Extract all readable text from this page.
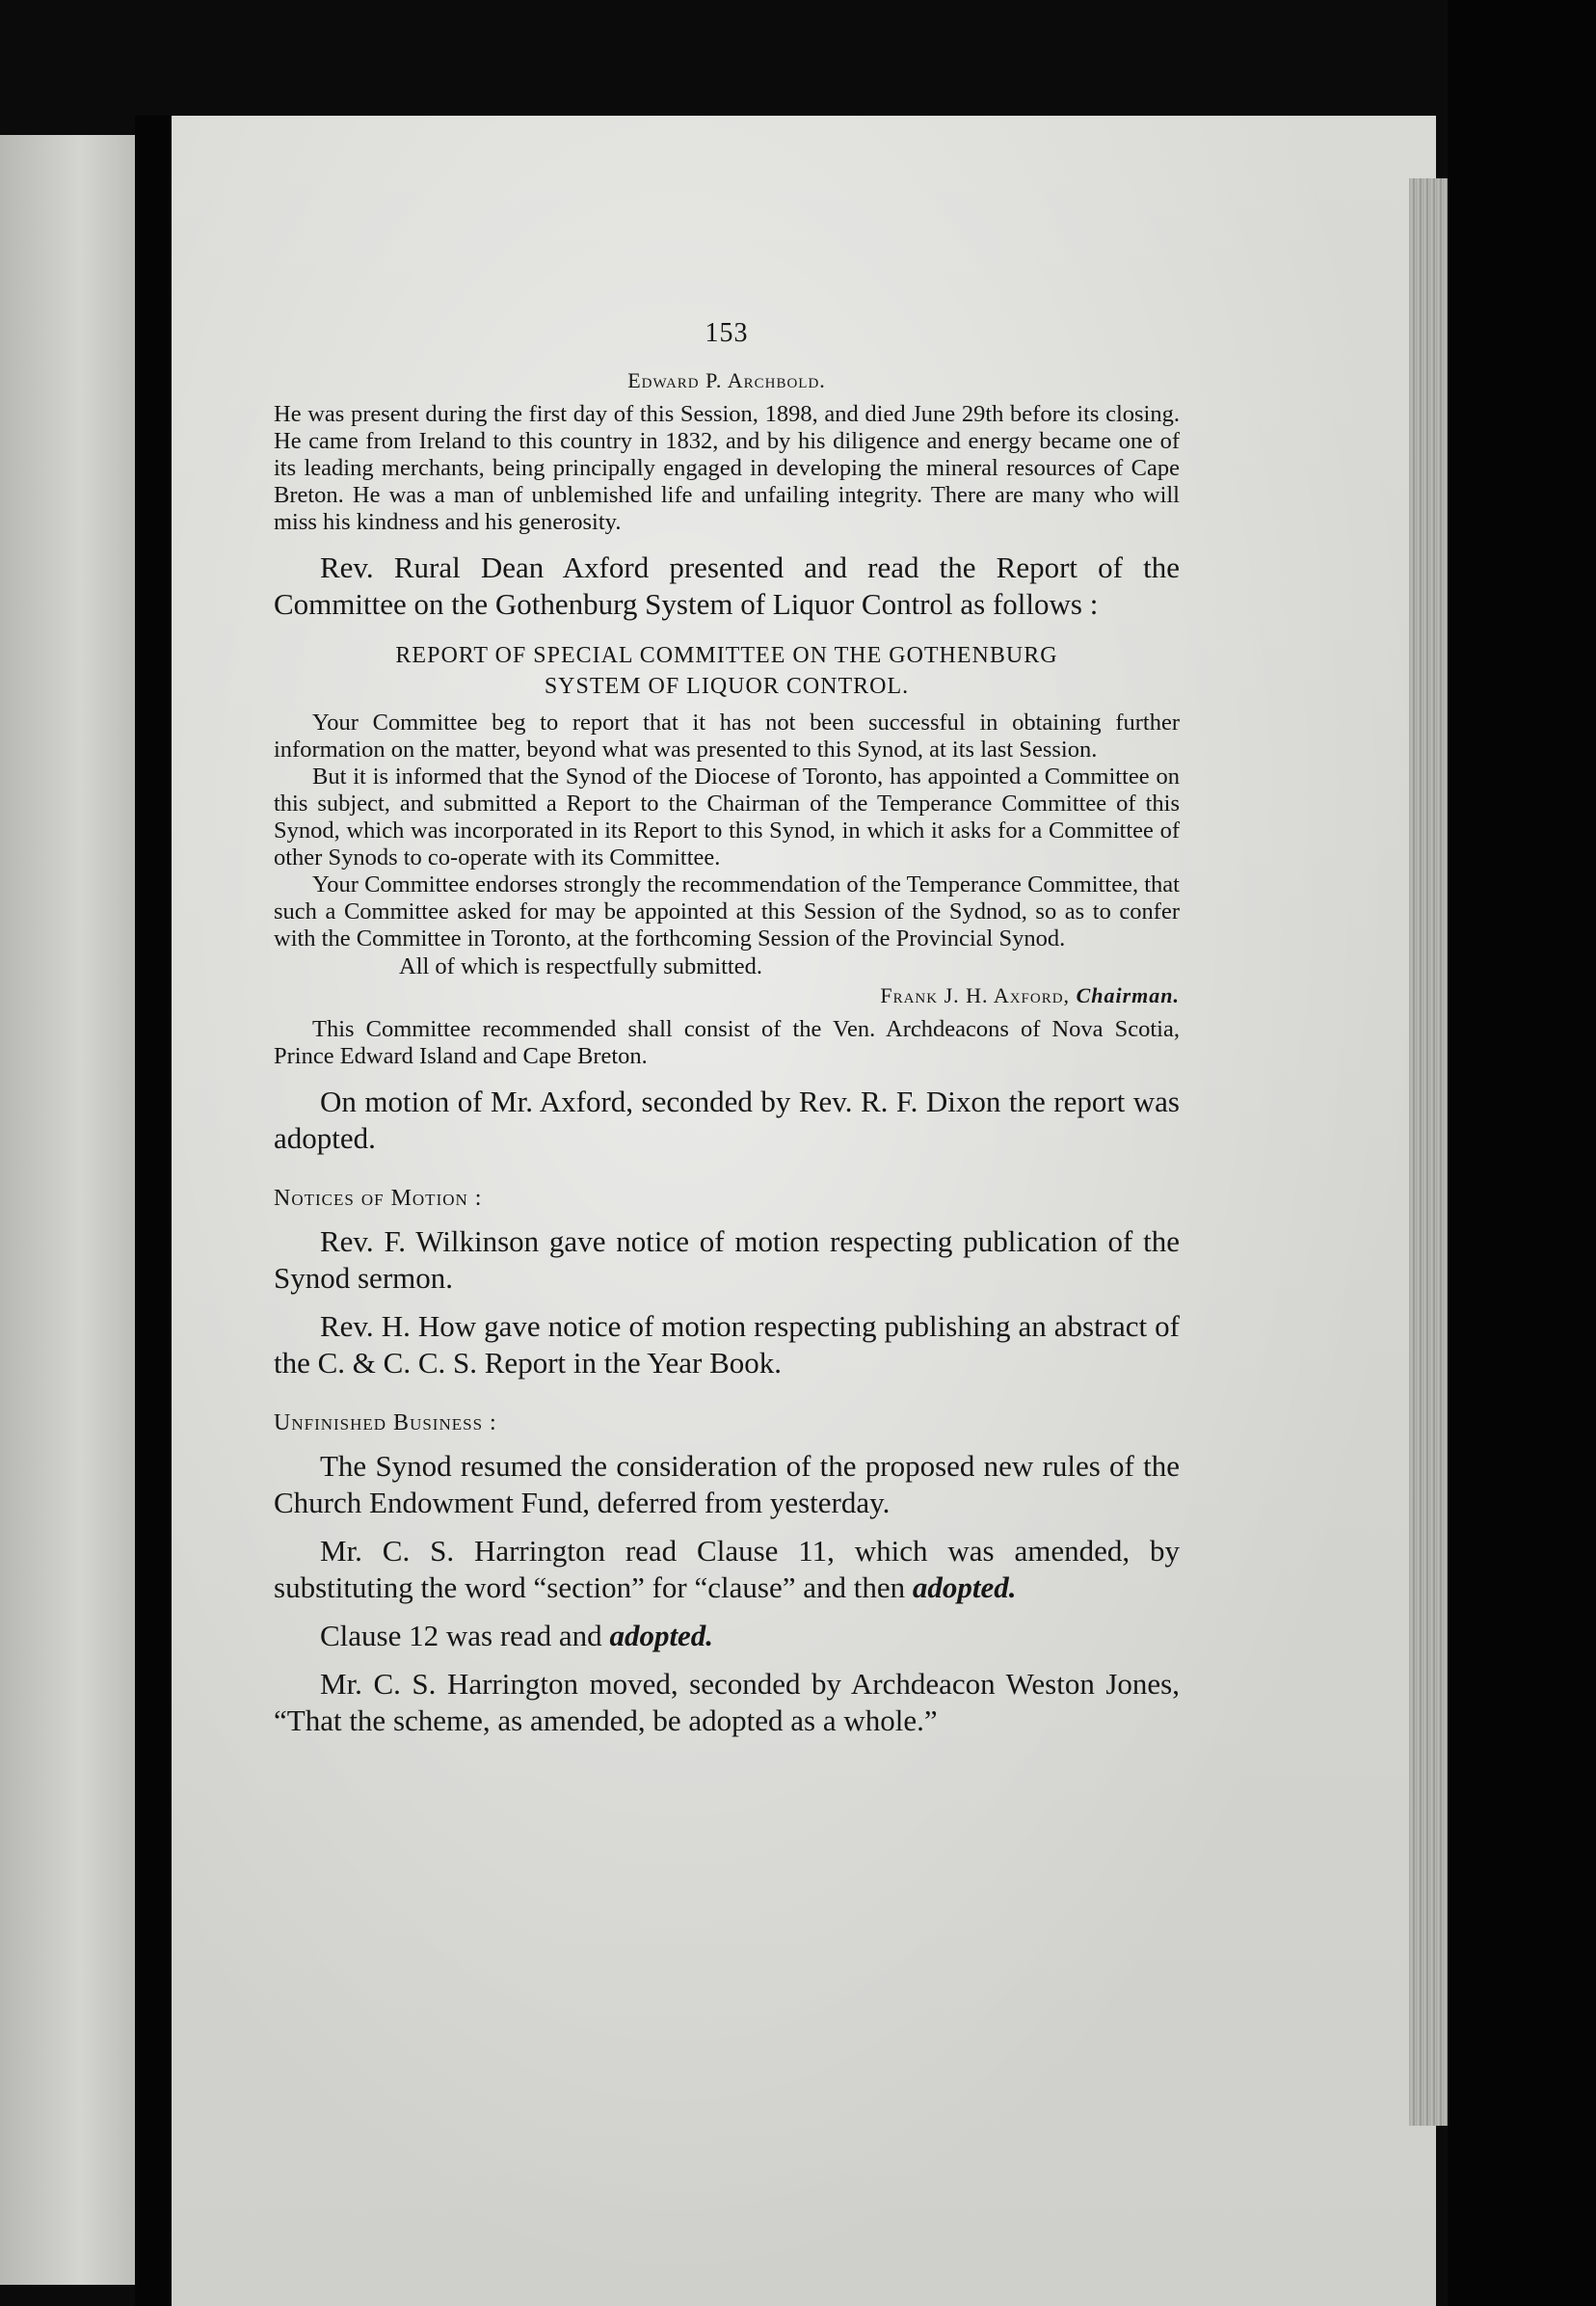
153

Edward P. Archbold.

He was present during the first day of this Session, 1898, and died June 29th before its closing. He came from Ireland to this country in 1832, and by his diligence and energy became one of its leading merchants, being principally engaged in developing the mineral resources of Cape Breton. He was a man of unblemished life and unfailing integrity. There are many who will miss his kindness and his generosity.

Rev. Rural Dean Axford presented and read the Report of the Committee on the Gothenburg System of Liquor Control as follows :

REPORT OF SPECIAL COMMITTEE ON THE GOTHENBURG
SYSTEM OF LIQUOR CONTROL.

Your Committee beg to report that it has not been successful in obtaining further information on the matter, beyond what was presented to this Synod, at its last Session.

But it is informed that the Synod of the Diocese of Toronto, has appointed a Committee on this subject, and submitted a Report to the Chairman of the Temperance Committee of this Synod, which was incorporated in its Report to this Synod, in which it asks for a Committee of other Synods to co-operate with its Committee.

Your Committee endorses strongly the recommendation of the Temperance Committee, that such a Committee asked for may be appointed at this Session of the Sydnod, so as to confer with the Committee in Toronto, at the forthcoming Session of the Provincial Synod.

All of which is respectfully submitted.

Frank J. H. Axford, Chairman.

This Committee recommended shall consist of the Ven. Archdeacons of Nova Scotia, Prince Edward Island and Cape Breton.

On motion of Mr. Axford, seconded by Rev. R. F. Dixon the report was adopted.

Notices of Motion :

Rev. F. Wilkinson gave notice of motion respecting publication of the Synod sermon.

Rev. H. How gave notice of motion respecting publishing an abstract of the C. & C. C. S. Report in the Year Book.

Unfinished Business :

The Synod resumed the consideration of the proposed new rules of the Church Endowment Fund, deferred from yesterday.

Mr. C. S. Harrington read Clause 11, which was amended, by substituting the word “section” for “clause” and then adopted.

Clause 12 was read and adopted.

Mr. C. S. Harrington moved, seconded by Archdeacon Weston Jones, “That the scheme, as amended, be adopted as a whole.”
